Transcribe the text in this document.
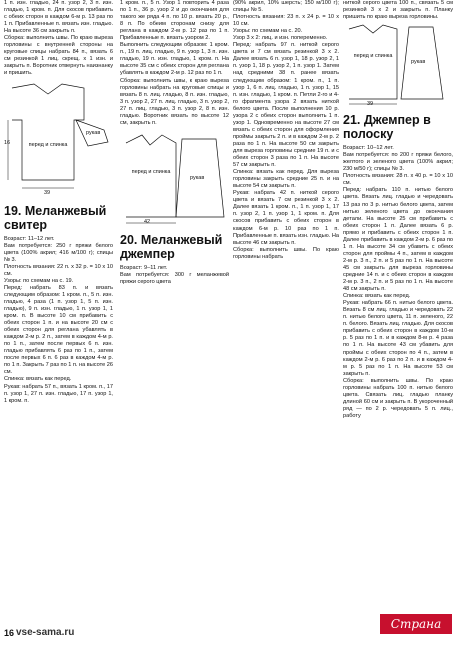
1 п. изн. гладью, 24 п. узор 2, 3 п. изн. гладью, 1 кром. п. Для скосов прибавить с обеих сторон в каждом 6-м р. 13 раз по 1 п. Прибавленные п. вязать изн. гладью. На высоте 36 см закрыть п.

Сборка: выполнить швы. По краю выреза горловины с внутренней стороны на круговые спицы набрать 84 п., вязать 6 см резинкой 1 лиц. скрещ. х 1 изн. и закрыть п. Воротник отвернуть наизнанку и пришить.

перед и спинка
рукав
39
16
19. Меланжевый свитер

Возраст: 11–12 лет.

Вам потребуется: 250 г пряжи белого цвета (100% акрил; 416 м/100 г); спицы № 3.

Плотность вязания: 22 п. х 32 р. = 10 х 10 см.

Узоры: по схемам на с. 19.

Перед: набрать 83 п. и вязать следующим образом: 1 кром. п., 5 п. изн. гладью, 4 раза (1 п. узор 1, 5 п. изн. гладью), 9 п. изн. гладью, 1 п. узор 1, 1 кром. п. В высоте 10 см прибавить с обеих сторон 1 п. и на высоте 20 см с обеих сторон для реглана убавлять в каждом 2-м р. 2 п., затем в каждом 4-м р. по 1 п., затем после первых 6 п. изн. гладью прибавлять 6 раз по 1 п., затем после первых 6 п. 6 раз в каждом 4-м р. по 1 п. Закрыть 7 раз по 1 п. на высоте 26 см.

Спинка: вязать как перед.

Рукав: набрать 57 п., вязать 1 кром. п., 17 п. узор 1, 27 п. изн. гладью, 17 п. узор 1, 1 кром. п.

1 кром. п., 5 п. Узор 1 повторить 4 раза по 1 п., 36 р. узор 2 и до окончания для такого же ряда 4 п. по 10 р. вязать 20 р., 8 п. По обеим сторонам снизу для реглана в каждом 2-м р. 12 раз по 1 п. Прибавленные п. вязать узором 2.

Выполнить следующим образом: 1 кром. п., 19 п. лиц. гладью, 9 п. узор 1, 3 п. изн. гладью, 19 п. изн. гладью, 1 кром. п. На высоте 35 см с обеих сторон для реглана убавлять в каждом 2-м р. 12 раз по 1 п.

Сборка: выполнить швы, к краю выреза горловины набрать на круговые спицы и вязать 8 п. лиц. гладью, 8 п. изн. гладью, 3 п. узор 2, 27 п. лиц. гладью, 3 п. узор 2, 27 п. лиц. гладью, 3 п. узор 2, 8 п. изн. гладью. Воротник вязать по высоте 12 см, закрыть п.

перед и спинка
рукав
42
20. Меланжевый джемпер

Возраст: 9–11 лет.

Вам потребуется: 300 г меланжевой пряжи серого цвета

(90% акрил, 10% шерсть; 150 м/100 г); спицы № 5.

Плотность вязания: 23 п. х 24 р. = 10 х 10 см.

Узоры: по схемам на с. 20.

Узор 3 х 2: лиц. и изн. попеременно.

Перед: набрать 97 п. ниткой серого цвета и 7 см вязать резинкой 3 х 2. Далее вязать 6 п. узор 1, 18 р. узор 2, 1 п. узор 1, 18 р. узор 2, 1 п. узор 1. Затем над средними 38 п. ранее вязать следующим образом: 1 кром. п., 1 п. узор 1, 6 п. лиц. гладью, 1 п. узор 1, 15 п. изн. гладью, 1 кром. п. Петли 2-го и 4-го фрагмента узора 2 вязать ниткой белого цвета. После выполнения 10 р. узора 2 с обеих сторон выполнить 1 п. узор 1. Одновременно на высоте 27 см вязать с обеих сторон для оформления проймы закрыть 2 п. и в каждом 2-м р. 2 раза по 1 п. На высоте 50 см закрыть для выреза горловины средние 19 п. и с обеих сторон 3 раза по 1 п. На высоте 57 см закрыть п.

Спинка: вязать как перед. Для выреза горловины закрыть средние 25 п. и на высоте 54 см закрыть п.

Рукав: набрать 42 п. ниткой серого цвета и вязать 7 см резинкой 3 х 2. Далее вязать 1 кром. п., 1 п. узор 1, 17 п. узор 2, 1 п. узор 1, 1 кром. п. Для скосов прибавить с обеих сторон в каждом 6-м р. 10 раз по 1 п. Прибавленные п. вязать изн. гладью. На высоте 46 см закрыть п.

Сборка: выполнить швы. По краю горловины набрать

ниткой серого цвета 100 п., связать 5 см резинкой 3 х 2 и закрыть п. Планку пришить по краю выреза горловины.

перед и спинка
рукав
39
21. Джемпер в полоску

Возраст: 10–12 лет.

Вам потребуется: по 200 г пряжи белого, желтого и зеленого цвета (100% акрил; 230 м/50 г); спицы № 3.

Плотность вязания: 28 п. х 40 р. = 10 х 10 см.

Перед: набрать 110 п. нитью белого цвета. Вязать лиц. гладью и чередовать 13 раз по 3 р. нитью белого цвета, затем нитью зеленого цвета до окончания детали. На высоте 25 см прибавить с обеих сторон 1 п. Далее вязать 6 р. прямо и прибавить с обеих сторон 1 п. Далее прибавить в каждом 2-м р. 6 раз по 1 п. На высоте 34 см убавить с обеих сторон для проймы 4 п., затем в каждом 2-м р. 3 п., 2 п. и 5 раз по 1 п. На высоте 45 см закрыть для выреза горловины средние 14 п. и с обеих сторон в каждом 2-м р. 3 п., 2 п. и 5 раз по 1 п. На высоте 48 см закрыть п.

Спинка: вязать как перед.

Рукав: набрать 66 п. нитью белого цвета. Вязать 8 см лиц. гладью и чередовать 22 п. нитью белого цвета, 11 п. зеленого, 22 п. белого. Вязать лиц. гладью. Для скосов прибавить с обеих сторон в каждом 10-м р. 5 раз по 1 п. и в каждом 8-м р. 4 раза по 1 п. На высоте 43 см убавить для проймы с обеих сторон по 4 п., затем в каждом 2-м р. 6 раз по 2 п. и в каждом 4-м р. 5 раз по 1 п. На высоте 53 см закрыть п.

Сборка: выполнить швы. По краю горловины набрать 100 п. нитью белого цвета. Связать лиц. гладью планку длиной 60 см и закрыть п. В укороченный ряд — по 2 р. чередовать 5 п. лиц., работу

16 vse-sama.ru
Страна Мам
